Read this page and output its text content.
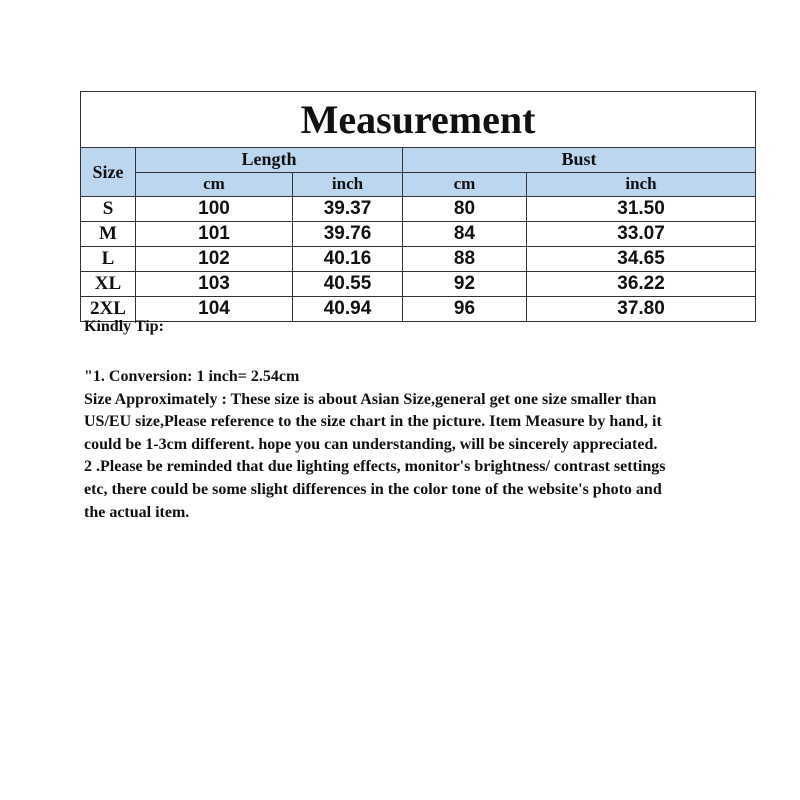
Measurement				
Size	Length		Bust	
	cm	inch	cm	inch
S	100	39.37	80	31.50
M	101	39.76	84	33.07
L	102	40.16	88	34.65
XL	103	40.55	92	36.22
2XL	104	40.94	96	37.80
Kindly Tip:
"1. Conversion: 1 inch= 2.54cm
Size Approximately : These size is about Asian Size,general get one size smaller than
US/EU size,Please reference to the size chart in the picture. Item Measure by hand, it
could be 1-3cm different. hope you can understanding, will be sincerely appreciated.
2 .Please be reminded that due lighting effects, monitor's brightness/ contrast settings
etc, there could be some slight differences in the color tone of the website's photo and
the actual item.
